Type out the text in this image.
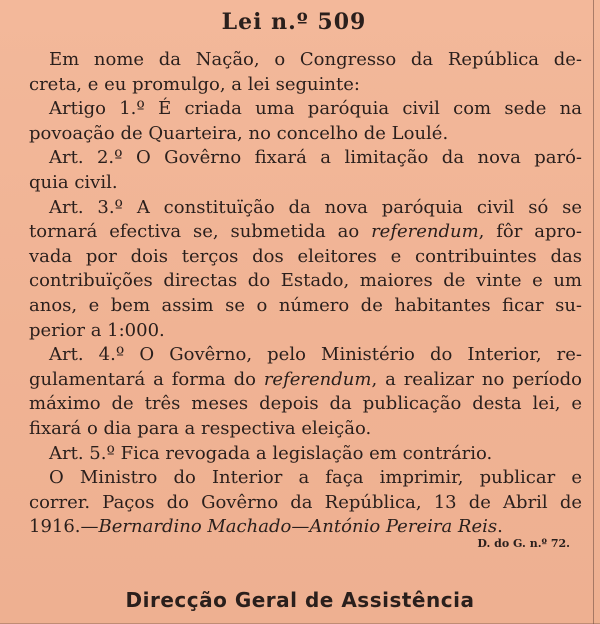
Lei n.º 509
Em nome da Nação, o Congresso da República de-
creta, e eu promulgo, a lei seguinte:
Artigo 1.º É criada uma paróquia civil com sede na
povoação de Quarteira, no concelho de Loulé.
Art. 2.º O Govêrno fixará a limitação da nova paró-
quia civil.
Art. 3.º A constituïção da nova paróquia civil só se
tornará efectiva se, submetida ao referendum, fôr apro-
vada por dois terços dos eleitores e contribuintes das
contribuïções directas do Estado, maiores de vinte e um
anos, e bem assim se o número de habitantes ficar su-
perior a 1:000.
Art. 4.º O Govêrno, pelo Ministério do Interior, re-
gulamentará a forma do referendum, a realizar no período
máximo de três meses depois da publicação desta lei, e
fixará o dia para a respectiva eleição.
Art. 5.º Fica revogada a legislação em contrário.
O Ministro do Interior a faça imprimir, publicar e
correr. Paços do Govêrno da República, 13 de Abril de
1916.—Bernardino Machado—António Pereira Reis.
D. do G. n.º 72.
Direcção Geral de Assistência
